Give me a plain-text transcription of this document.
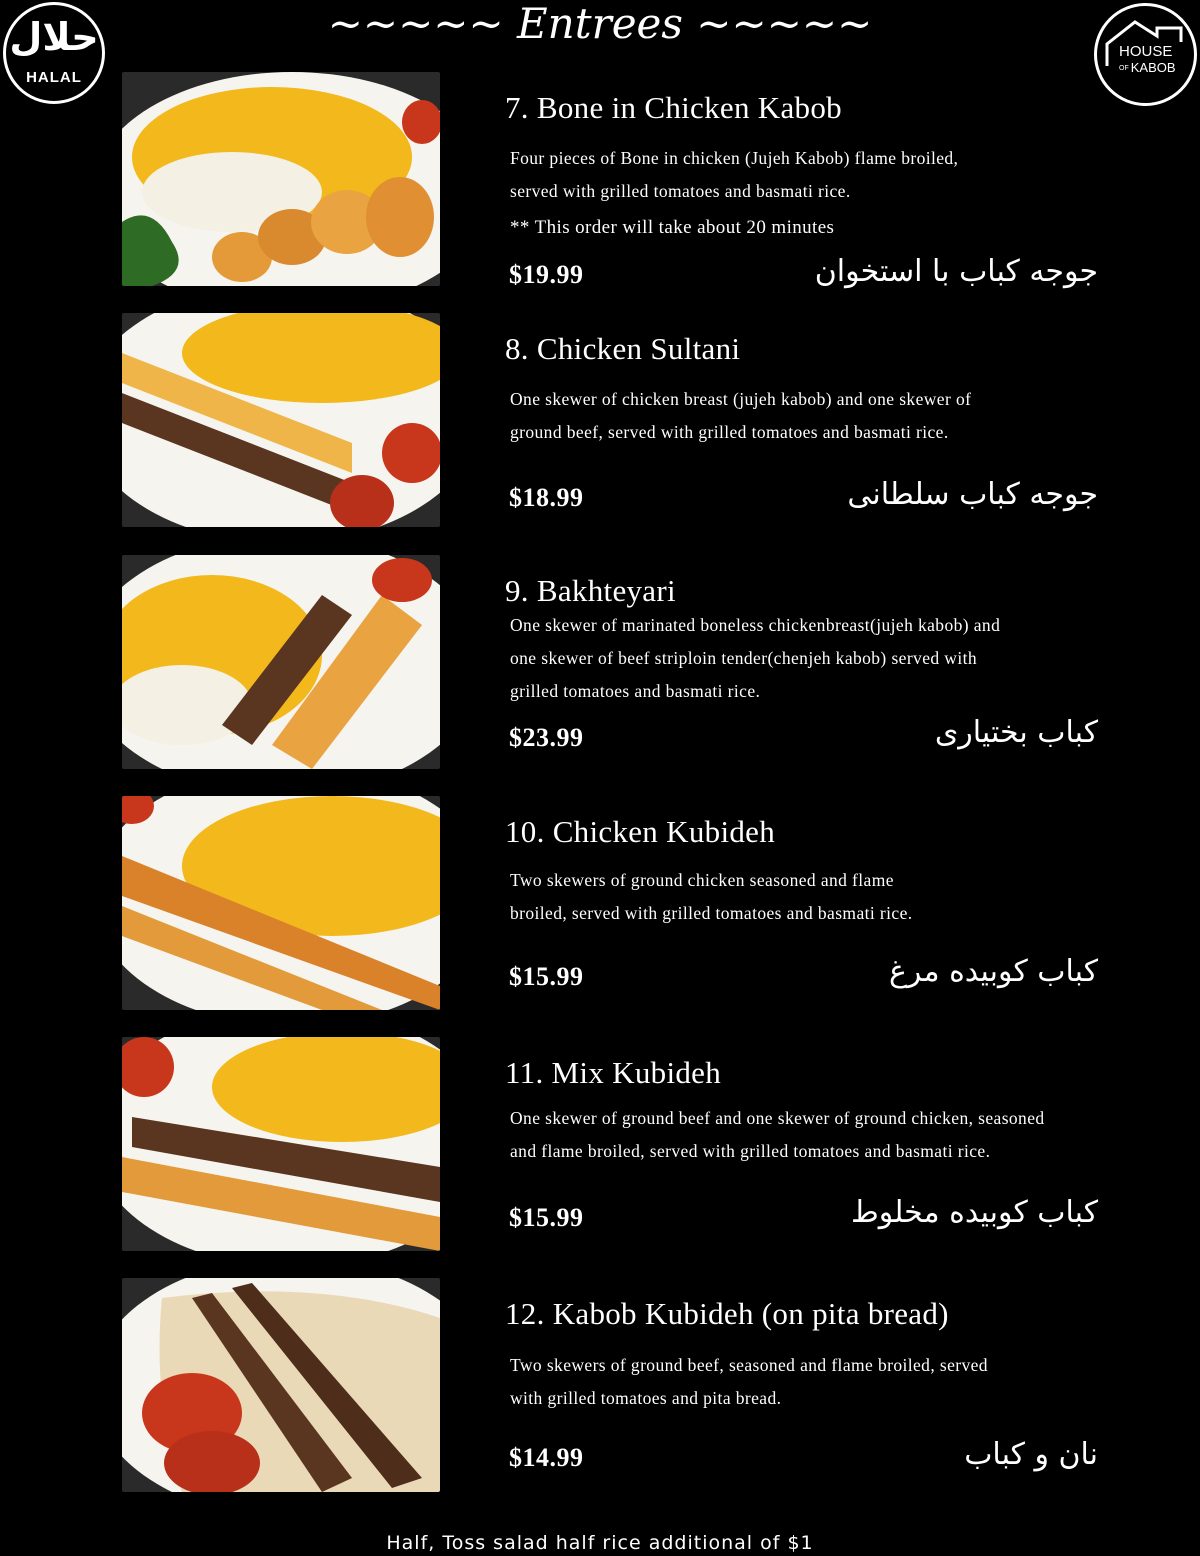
حلال
HALAL
~~~~~ Entrees ~~~~~
HOUSE
OF KABOB
7. Bone in Chicken Kabob
Four pieces of Bone in chicken (Jujeh Kabob) flame broiled,
served with grilled tomatoes and basmati rice.
** This order will take about 20 minutes
$19.99	جوجه کباب با استخوان
8. Chicken Sultani
One skewer of chicken breast (jujeh kabob) and one skewer of
ground beef, served with grilled tomatoes and basmati rice.
$18.99	جوجه کباب سلطانی
9. Bakhteyari
One skewer of marinated boneless chickenbreast(jujeh kabob) and
one skewer of beef striploin tender(chenjeh kabob) served with
grilled tomatoes and basmati rice.
$23.99	کباب بختیاری
10. Chicken Kubideh
Two skewers of ground chicken seasoned and flame
broiled, served with grilled tomatoes and basmati rice.
$15.99	کباب کوبیده مرغ
11. Mix Kubideh
One skewer of ground beef and one skewer of ground chicken, seasoned
and flame broiled, served with grilled tomatoes and basmati rice.
$15.99	کباب کوبیده مخلوط
12. Kabob Kubideh (on pita bread)
Two skewers of ground beef, seasoned and flame broiled, served
with grilled tomatoes and pita bread.
$14.99	نان و کباب
Half, Toss salad half rice additional of $1
